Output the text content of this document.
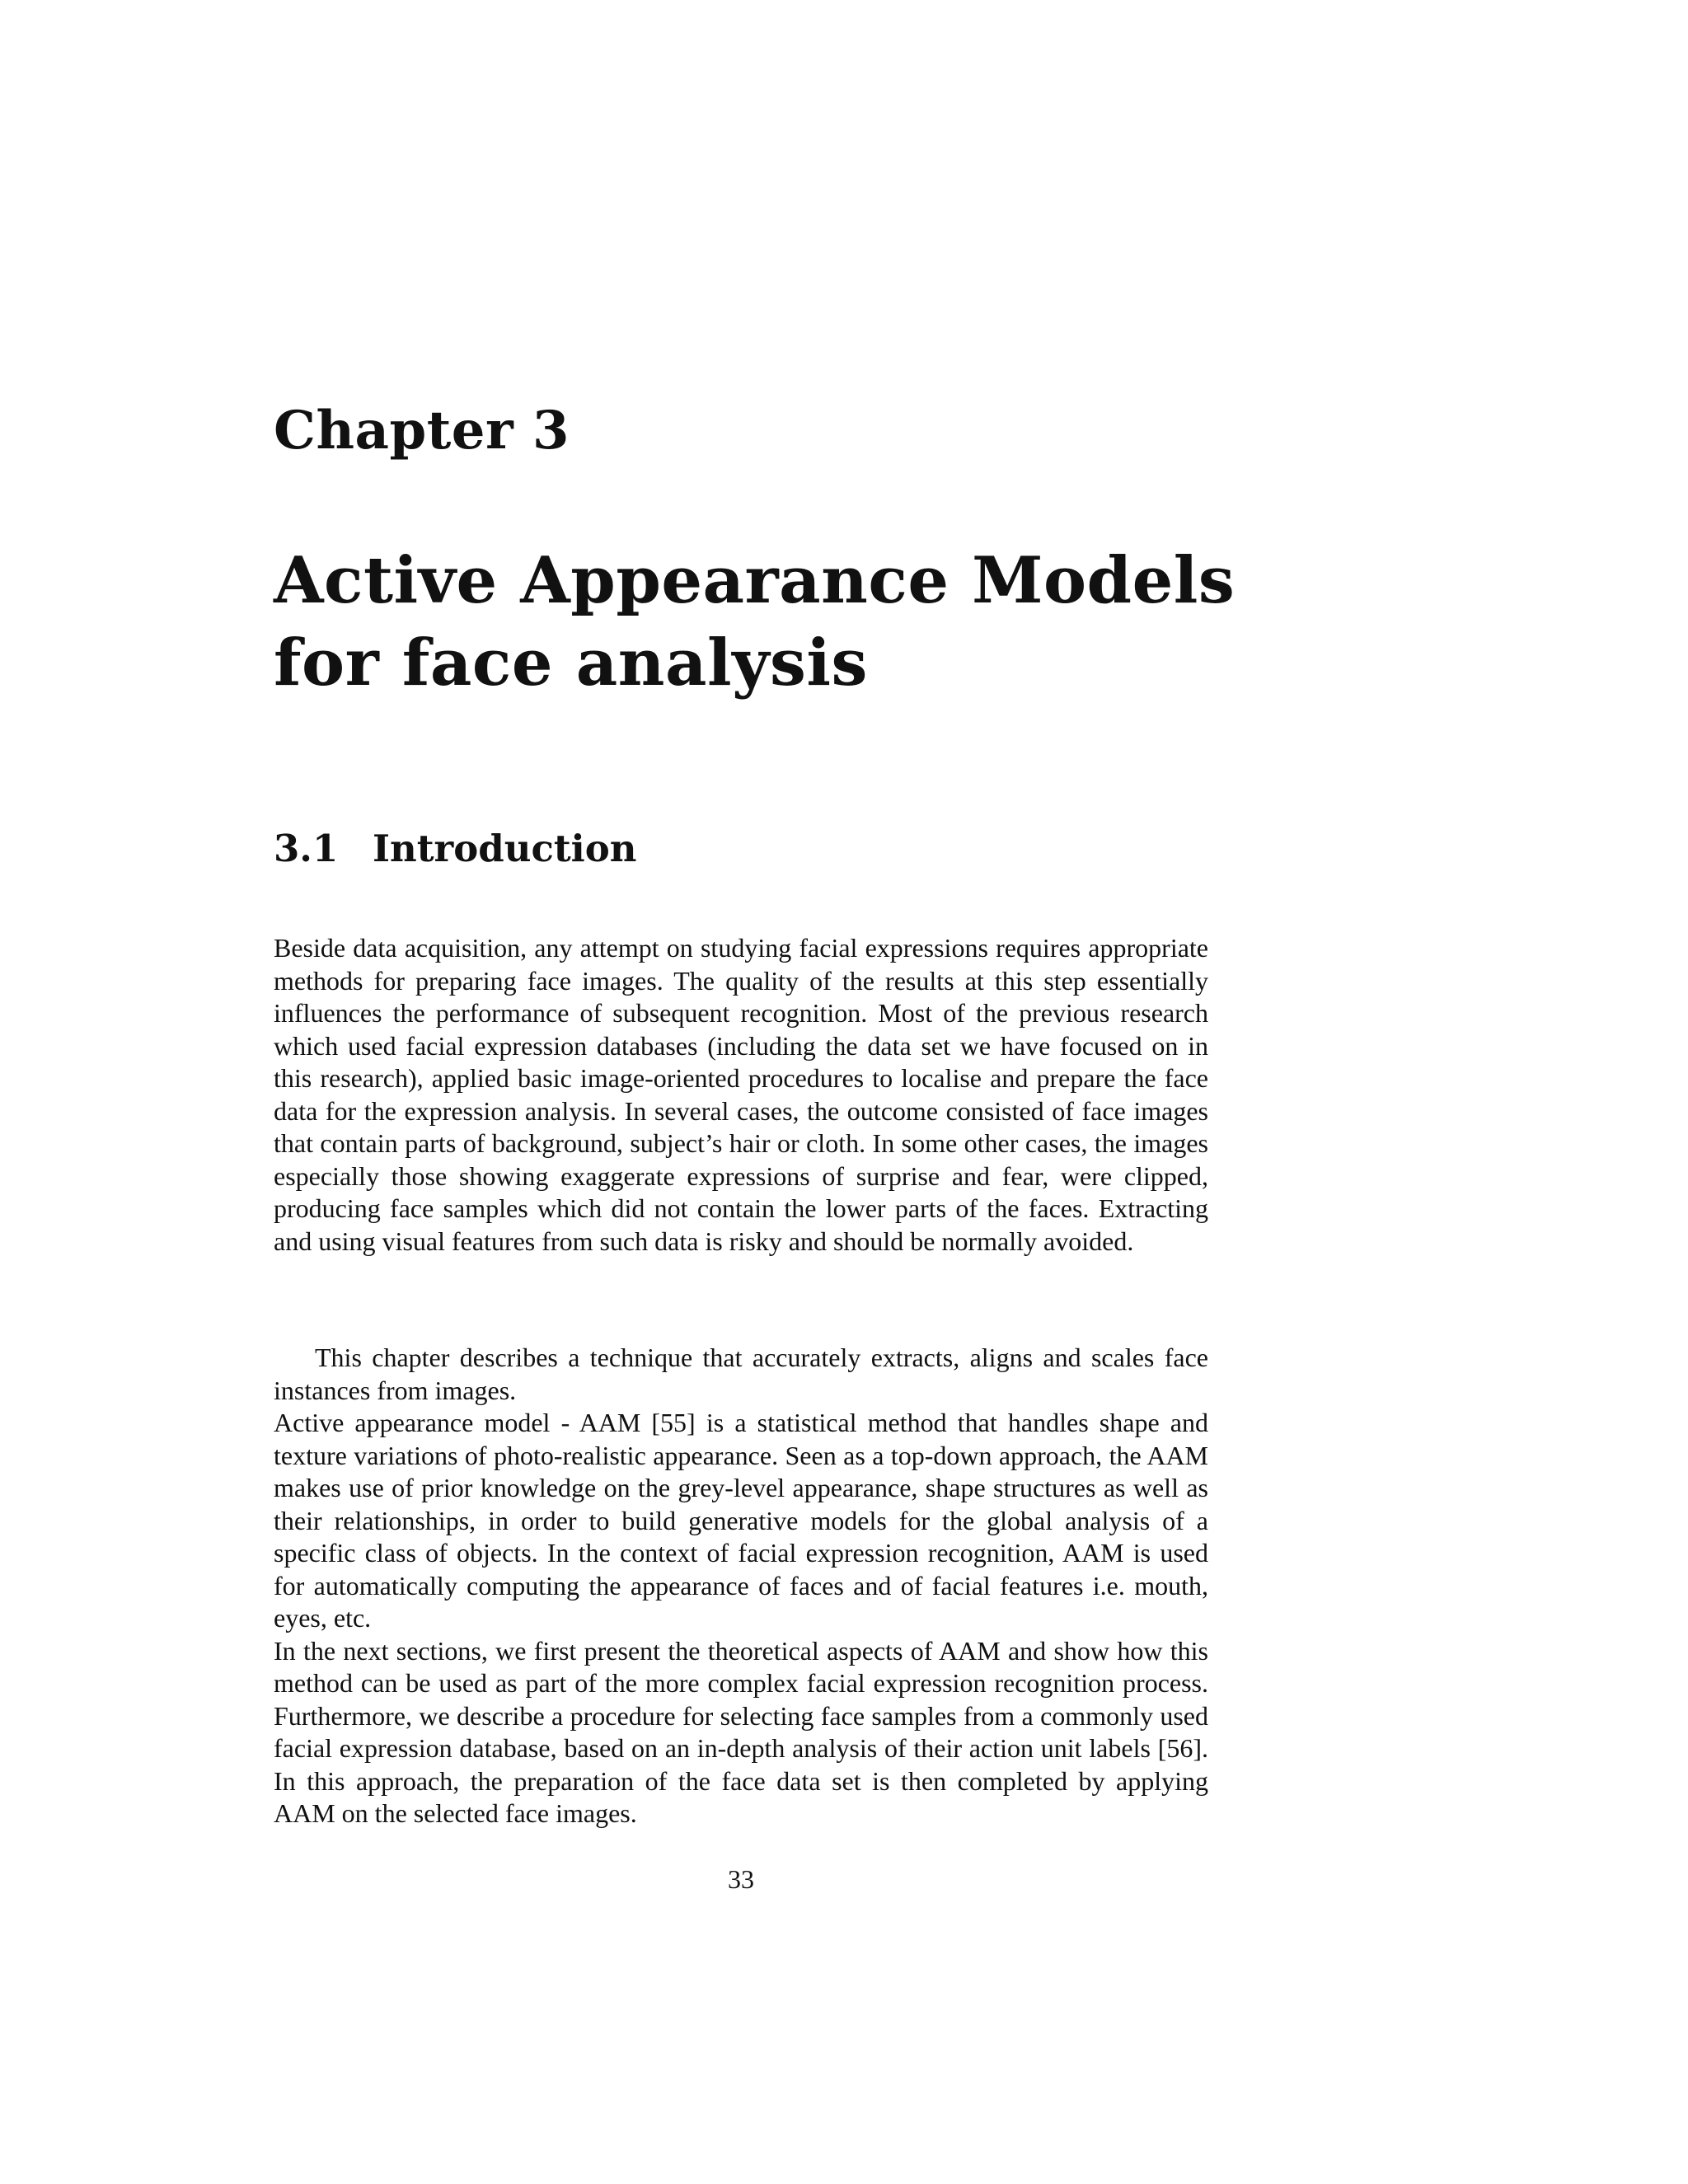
Chapter 3
Active Appearance Models
for face analysis
3.1 Introduction

Beside data acquisition, any attempt on studying facial expressions requires appropriate methods for preparing face images. The quality of the results at this step essentially influences the performance of subsequent recognition. Most of the previous research which used facial expression databases (including the data set we have focused on in this research), applied basic image-oriented procedures to localise and prepare the face data for the expression analysis. In several cases, the outcome consisted of face images that contain parts of background, subject’s hair or cloth. In some other cases, the images especially those showing exaggerate expressions of surprise and fear, were clipped, producing face samples which did not contain the lower parts of the faces. Extracting and using visual features from such data is risky and should be normally avoided.

This chapter describes a technique that accurately extracts, aligns and scales face instances from images.

Active appearance model - AAM [55] is a statistical method that handles shape and texture variations of photo-realistic appearance. Seen as a top-down approach, the AAM makes use of prior knowledge on the grey-level appearance, shape structures as well as their relationships, in order to build generative models for the global analysis of a specific class of objects. In the context of facial expression recognition, AAM is used for automatically computing the appearance of faces and of facial features i.e. mouth, eyes, etc.

In the next sections, we first present the theoretical aspects of AAM and show how this method can be used as part of the more complex facial expression recognition process. Furthermore, we describe a procedure for selecting face samples from a commonly used facial expression database, based on an in-depth analysis of their action unit labels [56]. In this approach, the preparation of the face data set is then completed by applying AAM on the selected face images.

33
